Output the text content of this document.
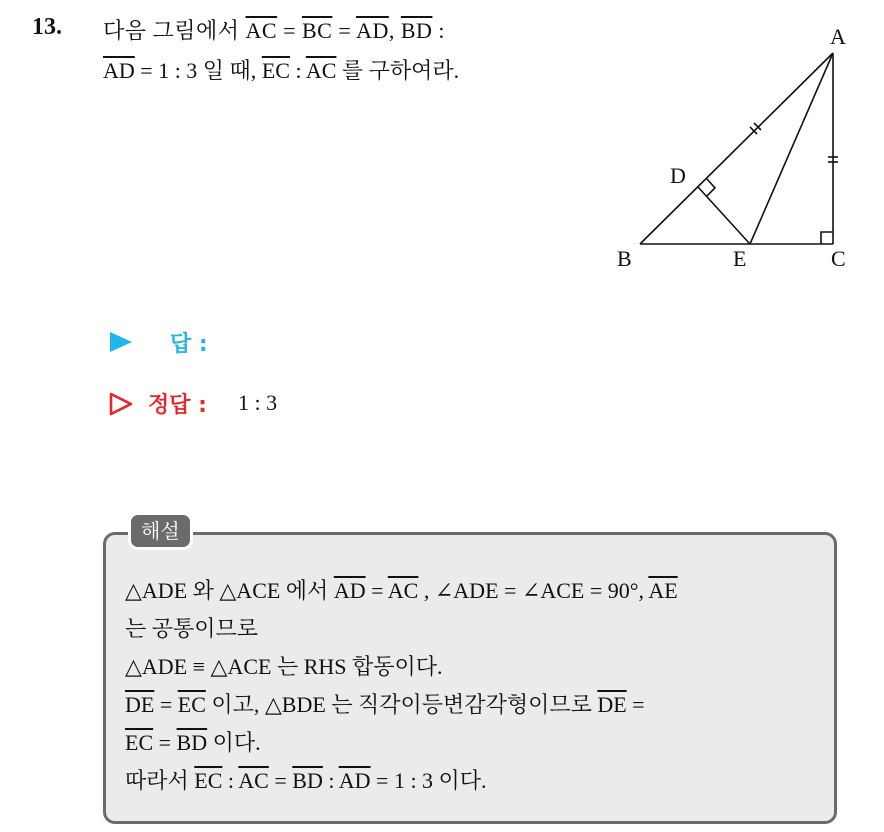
13. 다음 그림에서 $\overline{AC} = \overline{BC} = \overline{AD}$, $\overline{BD}$ :
$\overline{AD} = 1$ : 3 일 때, $\overline{EC}$ : $\overline{AC}$ 를 구하여라.
A
B	C
D
E
답 :
정답 : 1 : 3
해설
△ADE 와 △ACE 에서 $\overline{AD} = \overline{AC}$ , ∠ADE = ∠ACE = 90°, $\overline{AE}$
는 공통이므로
△ADE ≡ △ACE 는 RHS 합동이다.
$\overline{DE} = \overline{EC}$ 이고, △BDE 는 직각이등변감각형이므로 $\overline{DE}$ =
$\overline{EC} = \overline{BD}$ 이다.
따라서 $\overline{EC}$ : $\overline{AC} = \overline{BD}$ : $\overline{AD} = 1$ : 3 이다.
